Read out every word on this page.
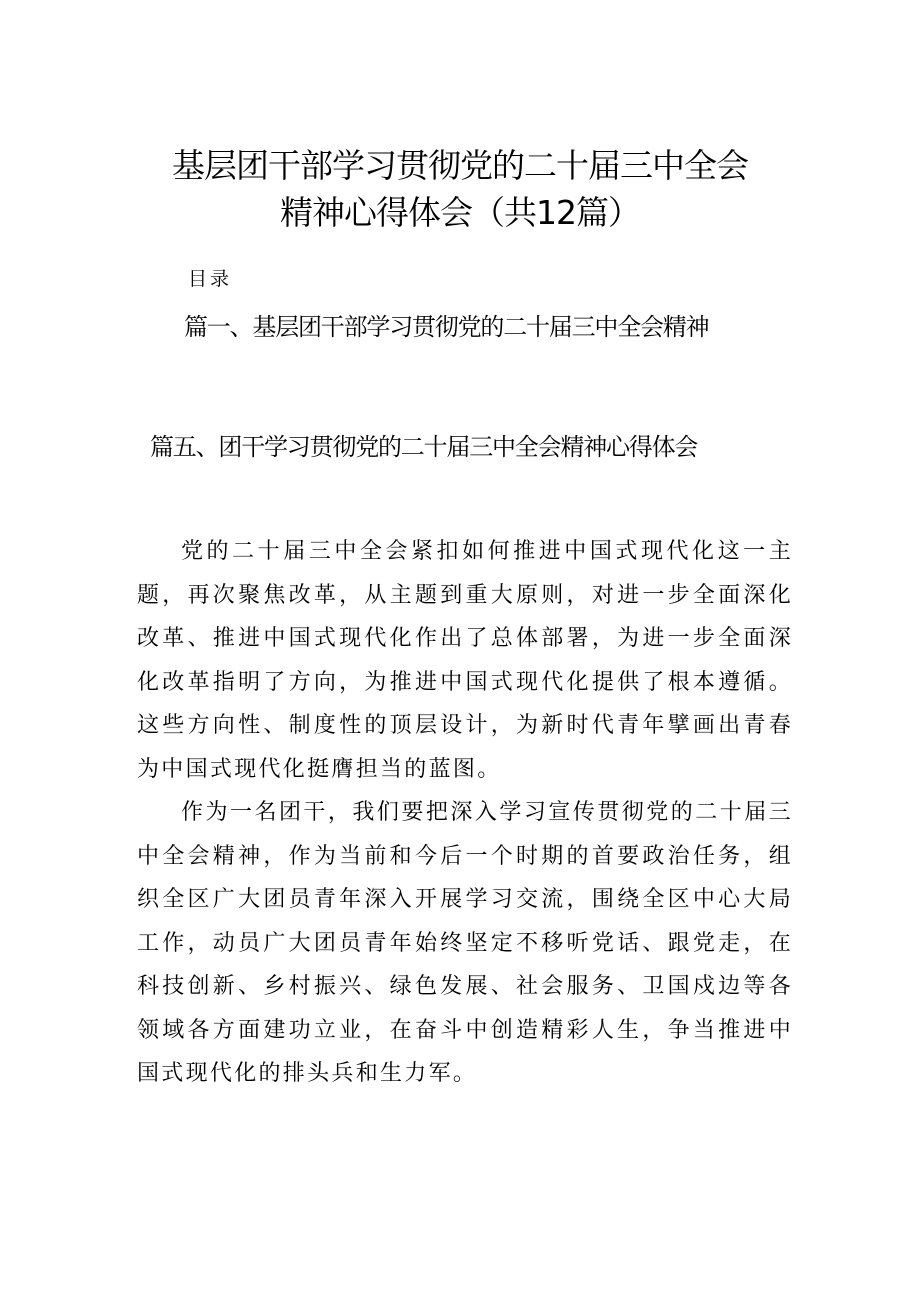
基层团干部学习贯彻党的二十届三中全会
精神心得体会（共12篇）
目录
篇一、基层团干部学习贯彻党的二十届三中全会精神
篇五、团干学习贯彻党的二十届三中全会精神心得体会

党的二十届三中全会紧扣如何推进中国式现代化这一主题，再次聚焦改革，从主题到重大原则，对进一步全面深化改革、推进中国式现代化作出了总体部署，为进一步全面深化改革指明了方向，为推进中国式现代化提供了根本遵循。这些方向性、制度性的顶层设计，为新时代青年擘画出青春为中国式现代化挺膺担当的蓝图。

作为一名团干，我们要把深入学习宣传贯彻党的二十届三中全会精神，作为当前和今后一个时期的首要政治任务，组织全区广大团员青年深入开展学习交流，围绕全区中心大局工作，动员广大团员青年始终坚定不移听党话、跟党走，在科技创新、乡村振兴、绿色发展、社会服务、卫国戍边等各领域各方面建功立业，在奋斗中创造精彩人生，争当推进中国式现代化的排头兵和生力军。
